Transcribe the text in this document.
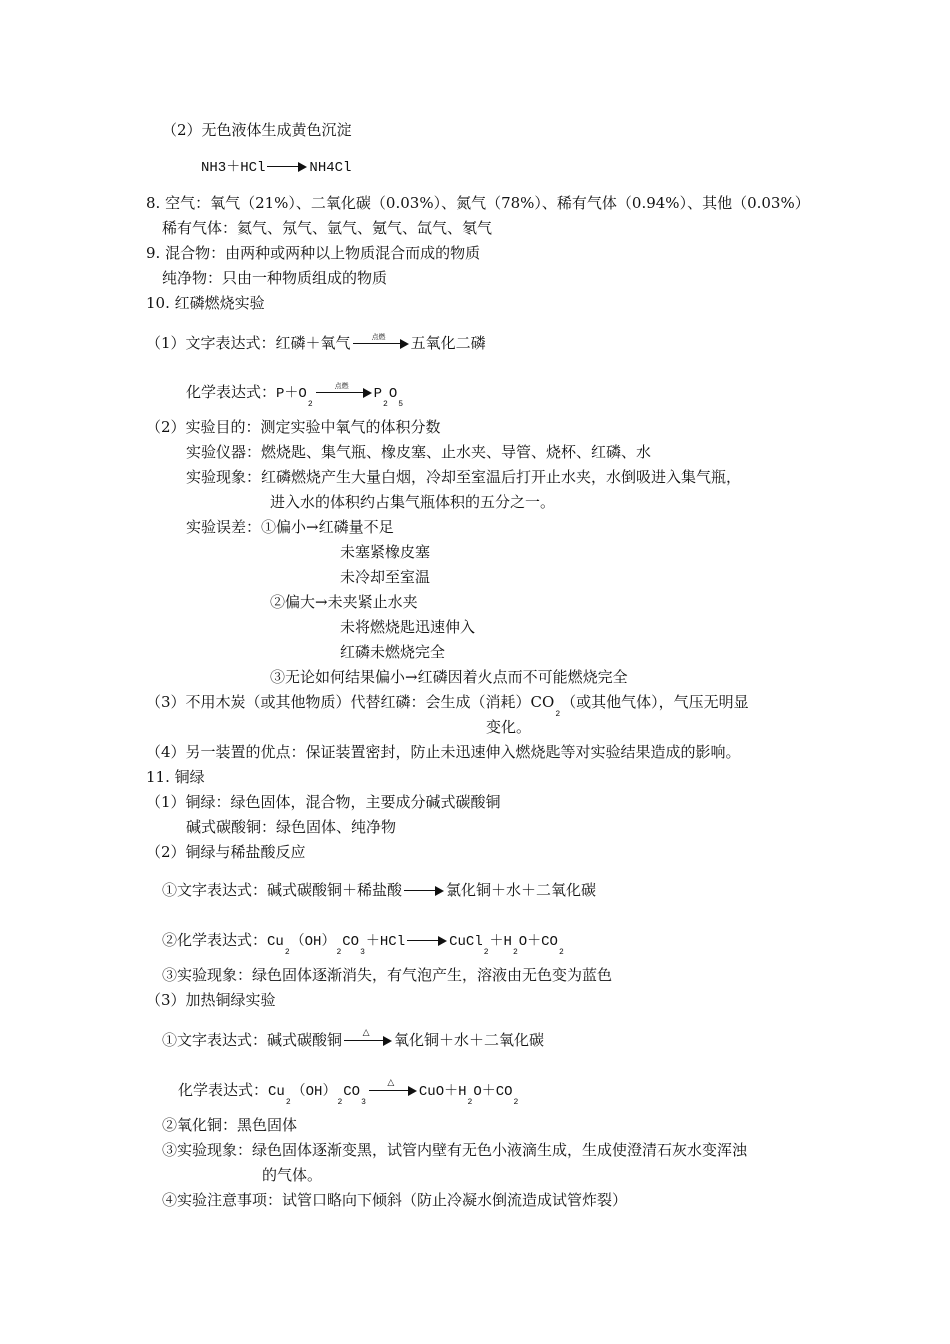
（2）无色液体生成黄色沉淀
NH3＋HCl	NH4Cl
8. 空气：氧气（21%）、二氧化碳（0.03%）、氮气（78%）、稀有气体（0.94%）、其他（0.03%）
稀有气体：氦气、氖气、氩气、氪气、氙气、氡气
9. 混合物：由两种或两种以上物质混合而成的物质
纯净物：只由一种物质组成的物质
10. 红磷燃烧实验
（1）文字表达式：红磷＋氧气	点燃	五氧化二磷
化学表达式：P＋O2
点燃	P2O5
（2）实验目的：测定实验中氧气的体积分数
实验仪器：燃烧匙、集气瓶、橡皮塞、止水夹、导管、烧杯、红磷、水
实验现象：红磷燃烧产生大量白烟，冷却至室温后打开止水夹，水倒吸进入集气瓶，
进入水的体积约占集气瓶体积的五分之一。
实验误差：①偏小→红磷量不足
未塞紧橡皮塞
未冷却至室温
②偏大→未夹紧止水夹
未将燃烧匙迅速伸入
红磷未燃烧完全
③无论如何结果偏小→红磷因着火点而不可能燃烧完全
（3）不用木炭（或其他物质）代替红磷：会生成（消耗）CO2（或其他气体），气压无明显
变化。
（4）另一装置的优点：保证装置密封，防止未迅速伸入燃烧匙等对实验结果造成的影响。
11. 铜绿
（1）铜绿：绿色固体，混合物，主要成分碱式碳酸铜
碱式碳酸铜：绿色固体、纯净物
（2）铜绿与稀盐酸反应
①文字表达式：碱式碳酸铜＋稀盐酸	氯化铜＋水＋二氧化碳
②化学表达式：Cu2（OH）2CO3＋HCl	CuCl2＋H2O＋CO2
③实验现象：绿色固体逐渐消失，有气泡产生，溶液由无色变为蓝色
（3）加热铜绿实验
①文字表达式：碱式碳酸铜	△	氧化铜＋水＋二氧化碳
化学表达式：Cu2（OH）2CO3
△
CuO＋H2O＋CO2
②氧化铜：黑色固体
③实验现象：绿色固体逐渐变黑，试管内壁有无色小液滴生成，生成使澄清石灰水变浑浊
的气体。
④实验注意事项：试管口略向下倾斜（防止冷凝水倒流造成试管炸裂）
